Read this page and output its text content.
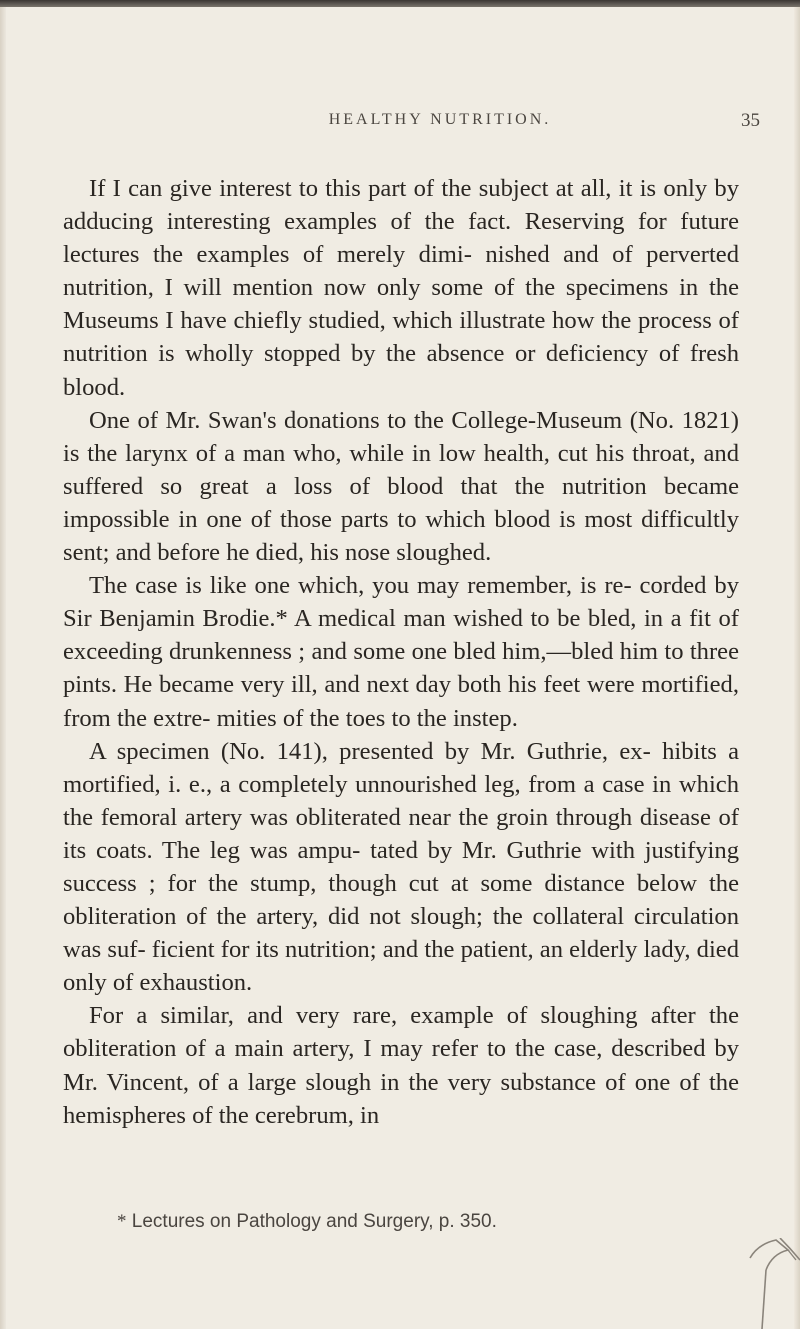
HEALTHY NUTRITION.	35

If I can give interest to this part of the subject at all, it is only by adducing interesting examples of the fact. Reserving for future lectures the examples of merely dimi- nished and of perverted nutrition, I will mention now only some of the specimens in the Museums I have chiefly studied, which illustrate how the process of nutrition is wholly stopped by the absence or deficiency of fresh blood.

One of Mr. Swan's donations to the College-Museum (No. 1821) is the larynx of a man who, while in low health, cut his throat, and suffered so great a loss of blood that the nutrition became impossible in one of those parts to which blood is most difficultly sent; and before he died, his nose sloughed.

The case is like one which, you may remember, is re- corded by Sir Benjamin Brodie.* A medical man wished to be bled, in a fit of exceeding drunkenness ; and some one bled him,—bled him to three pints. He became very ill, and next day both his feet were mortified, from the extre- mities of the toes to the instep.

A specimen (No. 141), presented by Mr. Guthrie, ex- hibits a mortified, i. e., a completely unnourished leg, from a case in which the femoral artery was obliterated near the groin through disease of its coats. The leg was ampu- tated by Mr. Guthrie with justifying success ; for the stump, though cut at some distance below the obliteration of the artery, did not slough; the collateral circulation was suf- ficient for its nutrition; and the patient, an elderly lady, died only of exhaustion.

For a similar, and very rare, example of sloughing after the obliteration of a main artery, I may refer to the case, described by Mr. Vincent, of a large slough in the very substance of one of the hemispheres of the cerebrum, in

* Lectures on Pathology and Surgery, p. 350.
